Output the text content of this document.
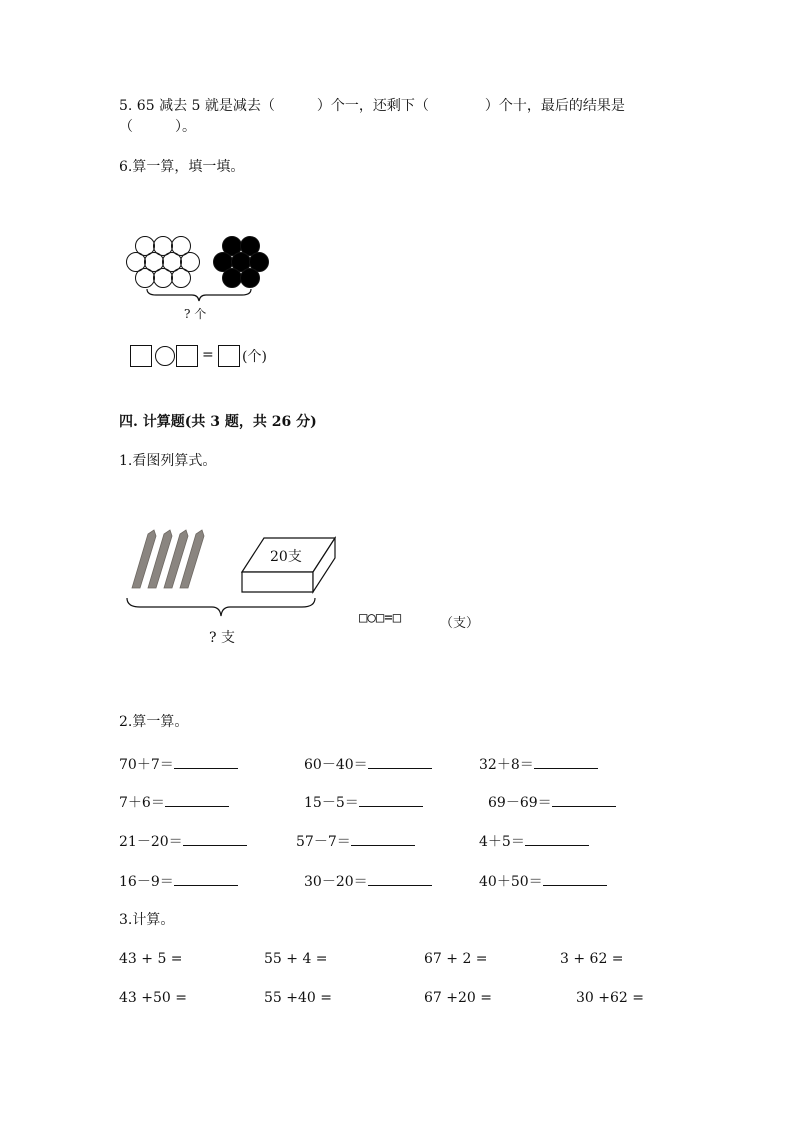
5. 65 减去 5 就是减去（　　　）个一，还剩下（　　　　）个十，最后的结果是
（　　　）。
6.算一算，填一填。
? 个
= (个)
四. 计算题(共 3 题，共 26 分)
1.看图列算式。
20支
? 支
□○□=□	（支）
2.算一算。
70＋7＝	60－40＝	32＋8＝
7＋6＝	15－5＝	69－69＝
21－20＝	57－7＝	4＋5＝
16－9＝	30－20＝	40＋50＝
3.计算。
43 + 5 =	55 + 4 =	67 + 2 =	3 + 62 =
43 +50 =	55 +40 =	67 +20 =	30 +62 =
